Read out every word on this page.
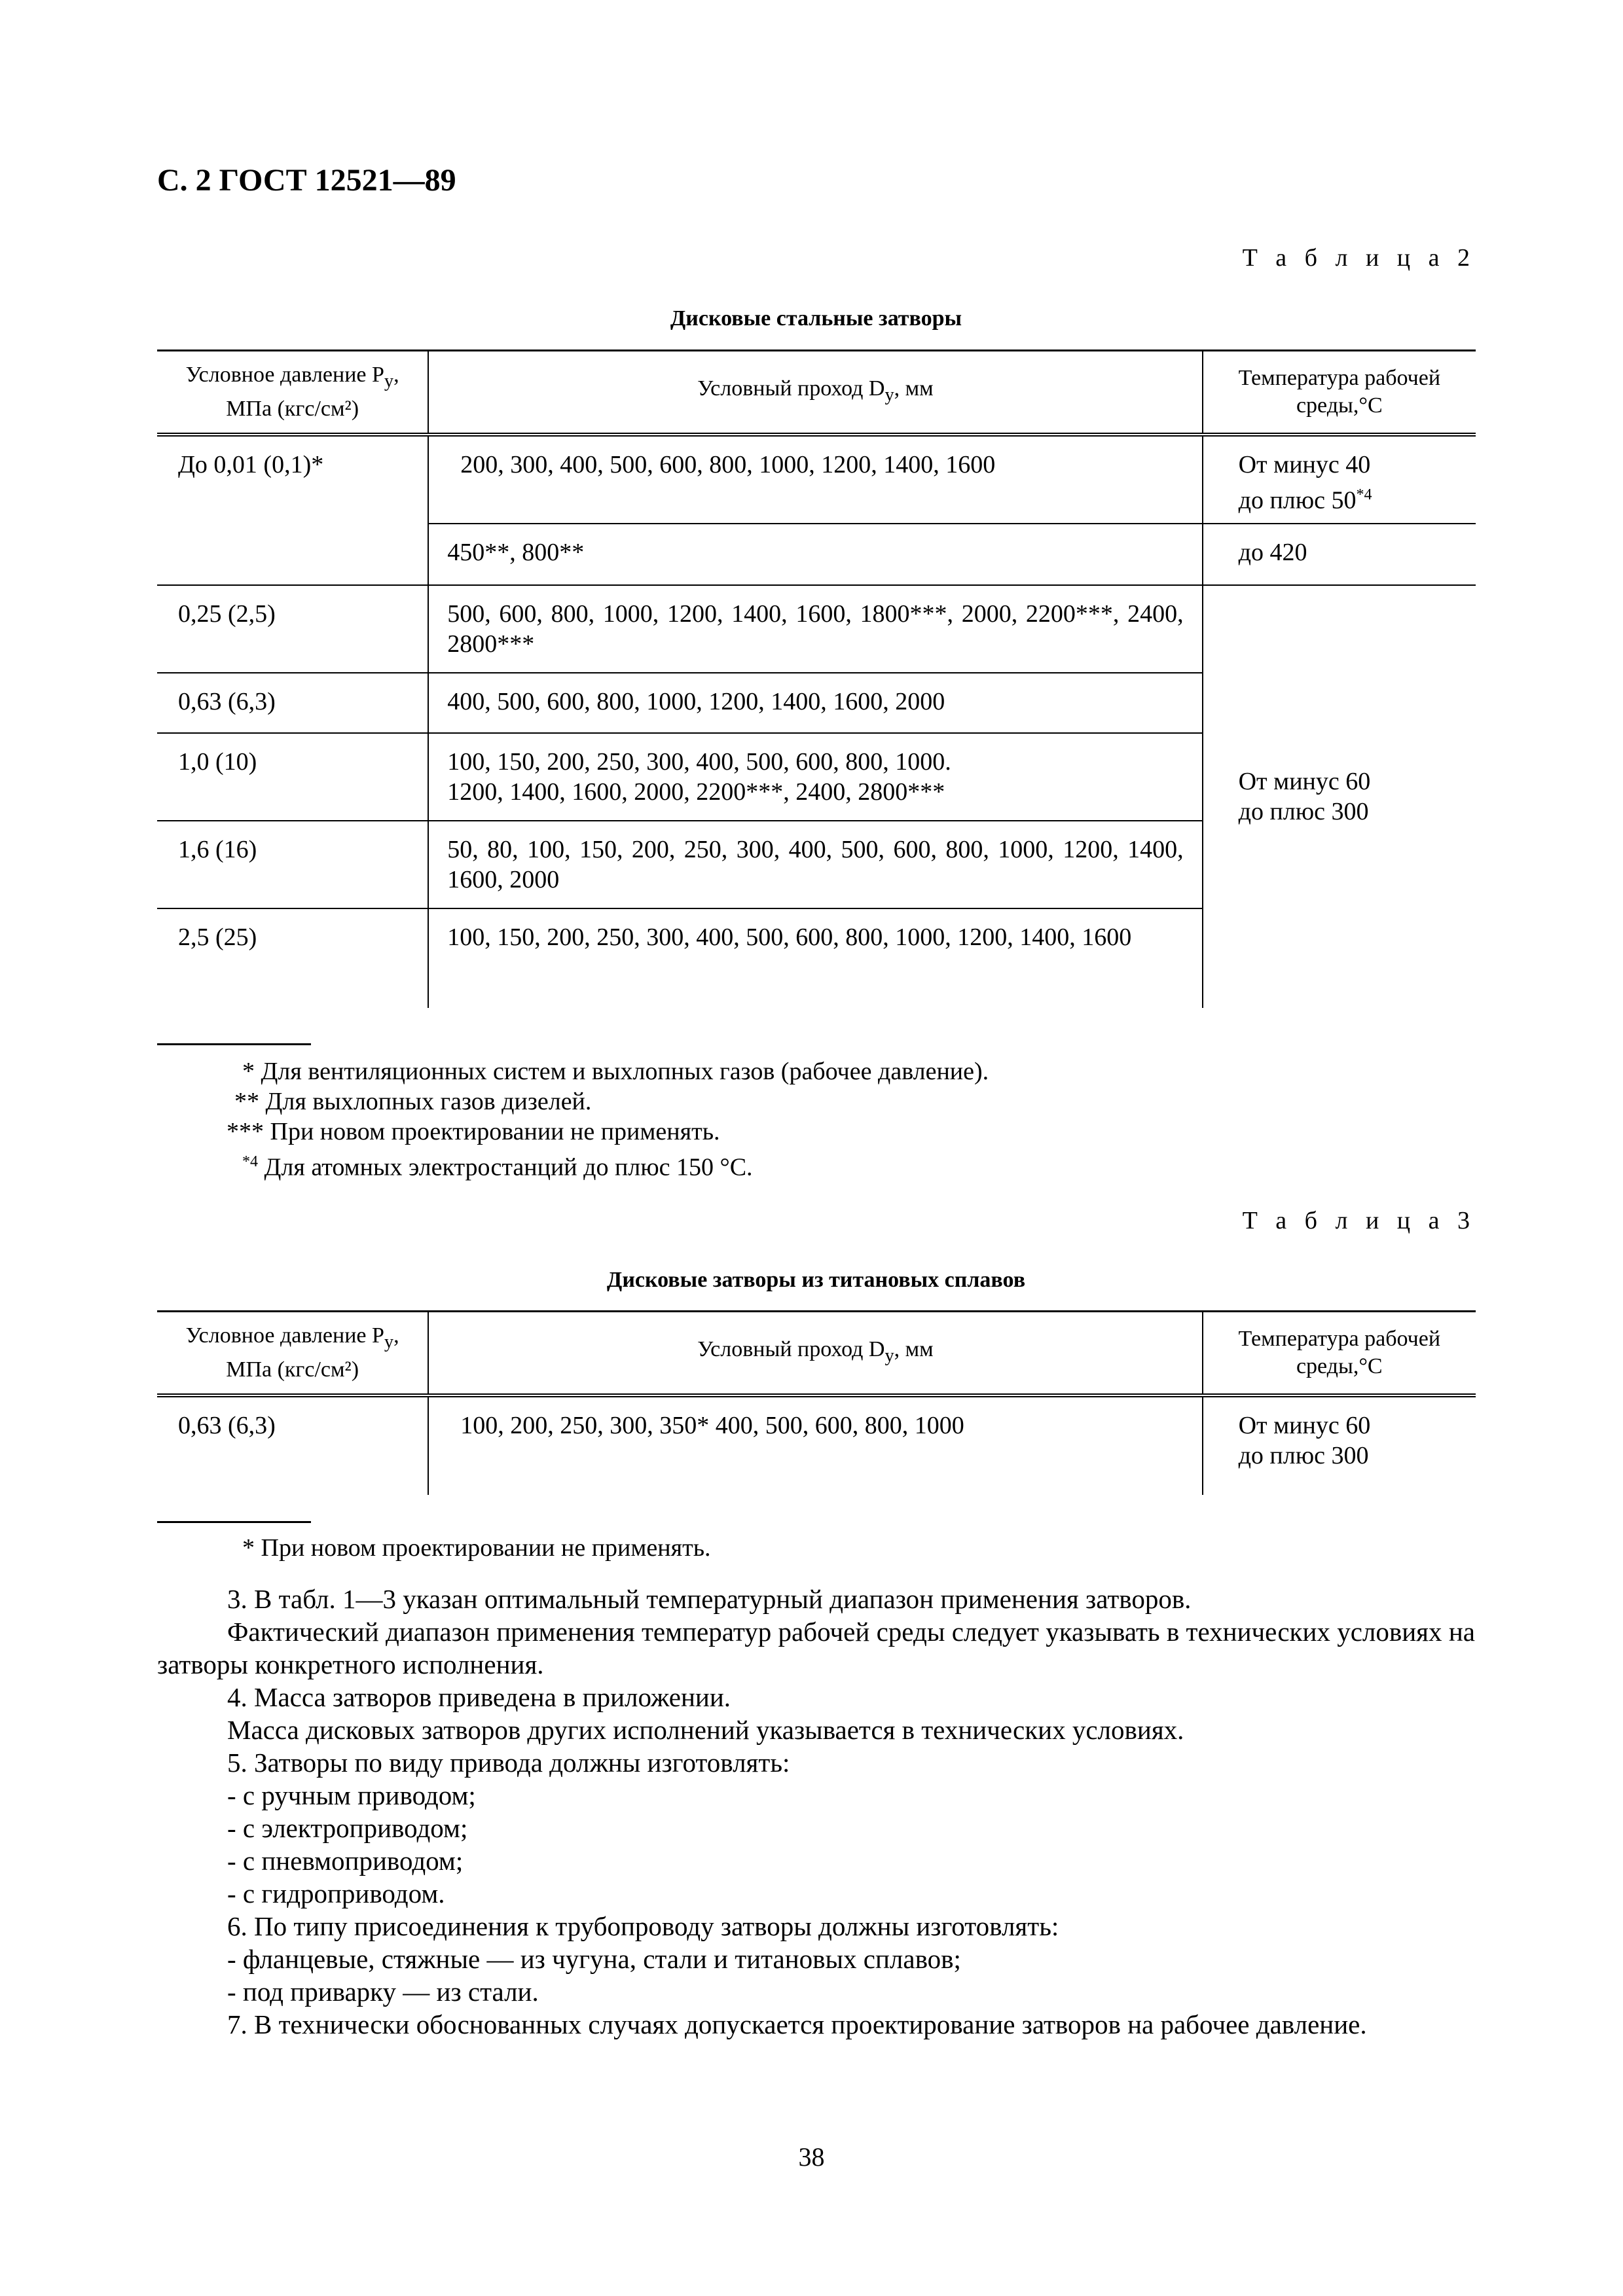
С. 2 ГОСТ 12521—89
Т а б л и ц а 2
Дисковые стальные затворы
Условное давление $P_у$,
МПа (кгс/см²)	Условный проход $D_у$, мм	Температура рабочей
среды,°С
До 0,01 (0,1)*	200, 300, 400, 500, 600, 800, 1000, 1200, 1400, 1600	От минус 40
до плюс 50$^{*4}$
	450**, 800**	до 420
0,25 (2,5)	500, 600, 800, 1000, 1200, 1400, 1600, 1800***, 2000, 2200***, 2400, 2800***	От минус 60
до плюс 300
0,63 (6,3)	400, 500, 600, 800, 1000, 1200, 1400, 1600, 2000	
1,0 (10)	100, 150, 200, 250, 300, 400, 500, 600, 800, 1000.
1200, 1400, 1600, 2000, 2200***, 2400, 2800***	
1,6 (16)	50, 80, 100, 150, 200, 250, 300, 400, 500, 600, 800, 1000, 1200, 1400, 1600, 2000	
2,5 (25)	100, 150, 200, 250, 300, 400, 500, 600, 800, 1000, 1200, 1400, 1600	
* Для вентиляционных систем и выхлопных газов (рабочее давление).
** Для выхлопных газов дизелей.
*** При новом проектировании не применять.
$^{*4}$ Для атомных электростанций до плюс 150 °С.
Т а б л и ц а 3
Дисковые затворы из титановых сплавов
Условное давление $P_у$,
МПа (кгс/см²)	Условный проход $D_у$, мм	Температура рабочей
среды,°С
0,63 (6,3)	100, 200, 250, 300, 350* 400, 500, 600, 800, 1000	От минус 60
до плюс 300
* При новом проектировании не применять.

3. В табл. 1—3 указан оптимальный температурный диапазон применения затворов.

Фактический диапазон применения температур рабочей среды следует указывать в технических условиях на затворы конкретного исполнения.

4. Масса затворов приведена в приложении.

Масса дисковых затворов других исполнений указывается в технических условиях.

5. Затворы по виду привода должны изготовлять:

- с ручным приводом;

- с электроприводом;

- с пневмоприводом;

- с гидроприводом.

6. По типу присоединения к трубопроводу затворы должны изготовлять:

- фланцевые, стяжные — из чугуна, стали и титановых сплавов;

- под приварку — из стали.

7. В технически обоснованных случаях допускается проектирование затворов на рабочее давление.

38
